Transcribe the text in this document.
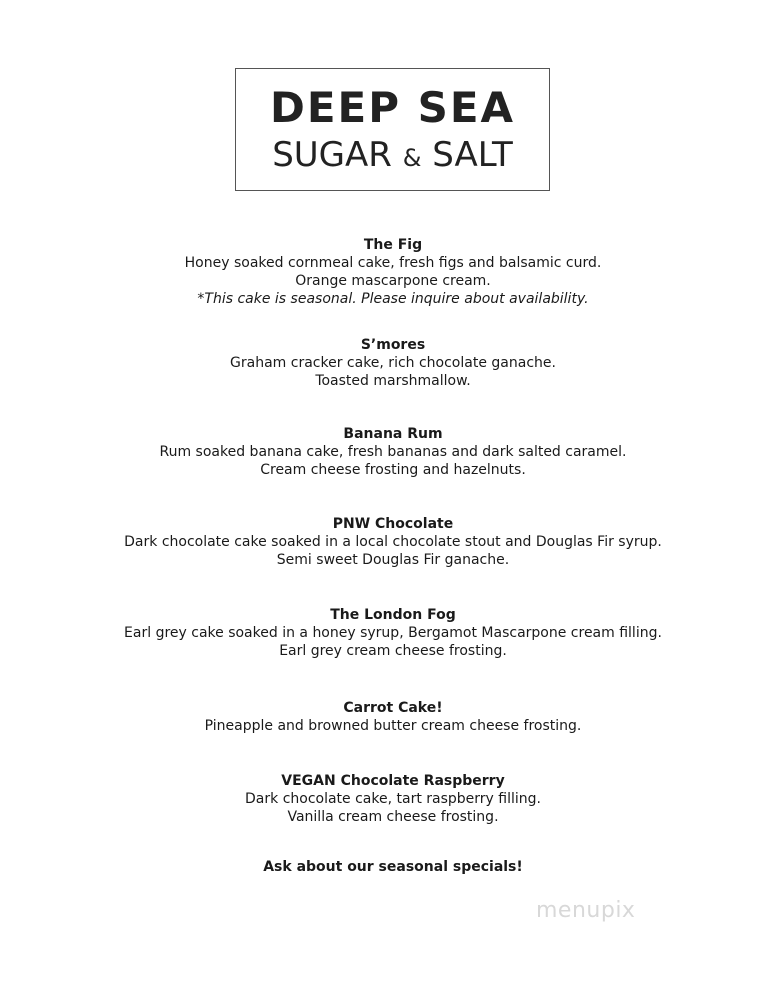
DEEP SEA
SUGAR & SALT
The Fig
Honey soaked cornmeal cake, fresh figs and balsamic curd.
Orange mascarpone cream.
*This cake is seasonal. Please inquire about availability.
S’mores
Graham cracker cake, rich chocolate ganache.
Toasted marshmallow.
Banana Rum
Rum soaked banana cake, fresh bananas and dark salted caramel.
Cream cheese frosting and hazelnuts.
PNW Chocolate
Dark chocolate cake soaked in a local chocolate stout and Douglas Fir syrup.
Semi sweet Douglas Fir ganache.
The London Fog
Earl grey cake soaked in a honey syrup, Bergamot Mascarpone cream filling.
Earl grey cream cheese frosting.
Carrot Cake!
Pineapple and browned butter cream cheese frosting.
VEGAN Chocolate Raspberry
Dark chocolate cake, tart raspberry filling.
Vanilla cream cheese frosting.
Ask about our seasonal specials!
menupix
